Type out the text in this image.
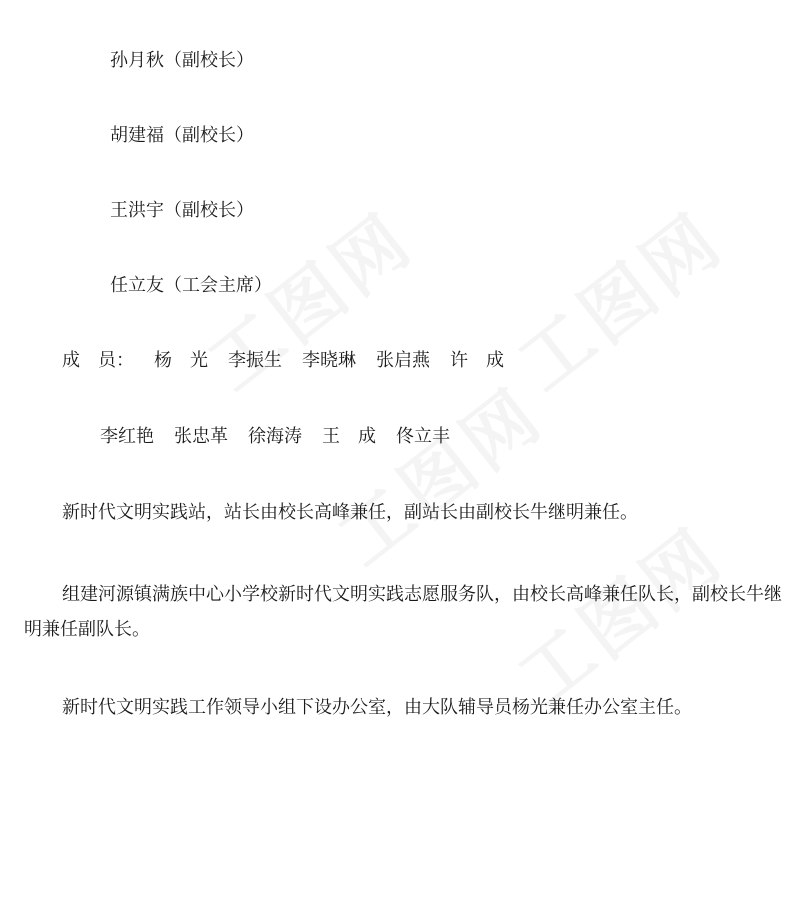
孙月秋（副校长）
胡建福（副校长）
王洪宇（副校长）
任立友（工会主席）
成　员： 杨　光 李振生 李晓琳 张启燕 许　成
李红艳 张忠革 徐海涛 王　成 佟立丰
新时代文明实践站，站长由校长高峰兼任，副站长由副校长牛继明兼任。
组建河源镇满族中心小学校新时代文明实践志愿服务队，由校长高峰兼任队长，副校长牛继明兼任副队长。
新时代文明实践工作领导小组下设办公室，由大队辅导员杨光兼任办公室主任。
